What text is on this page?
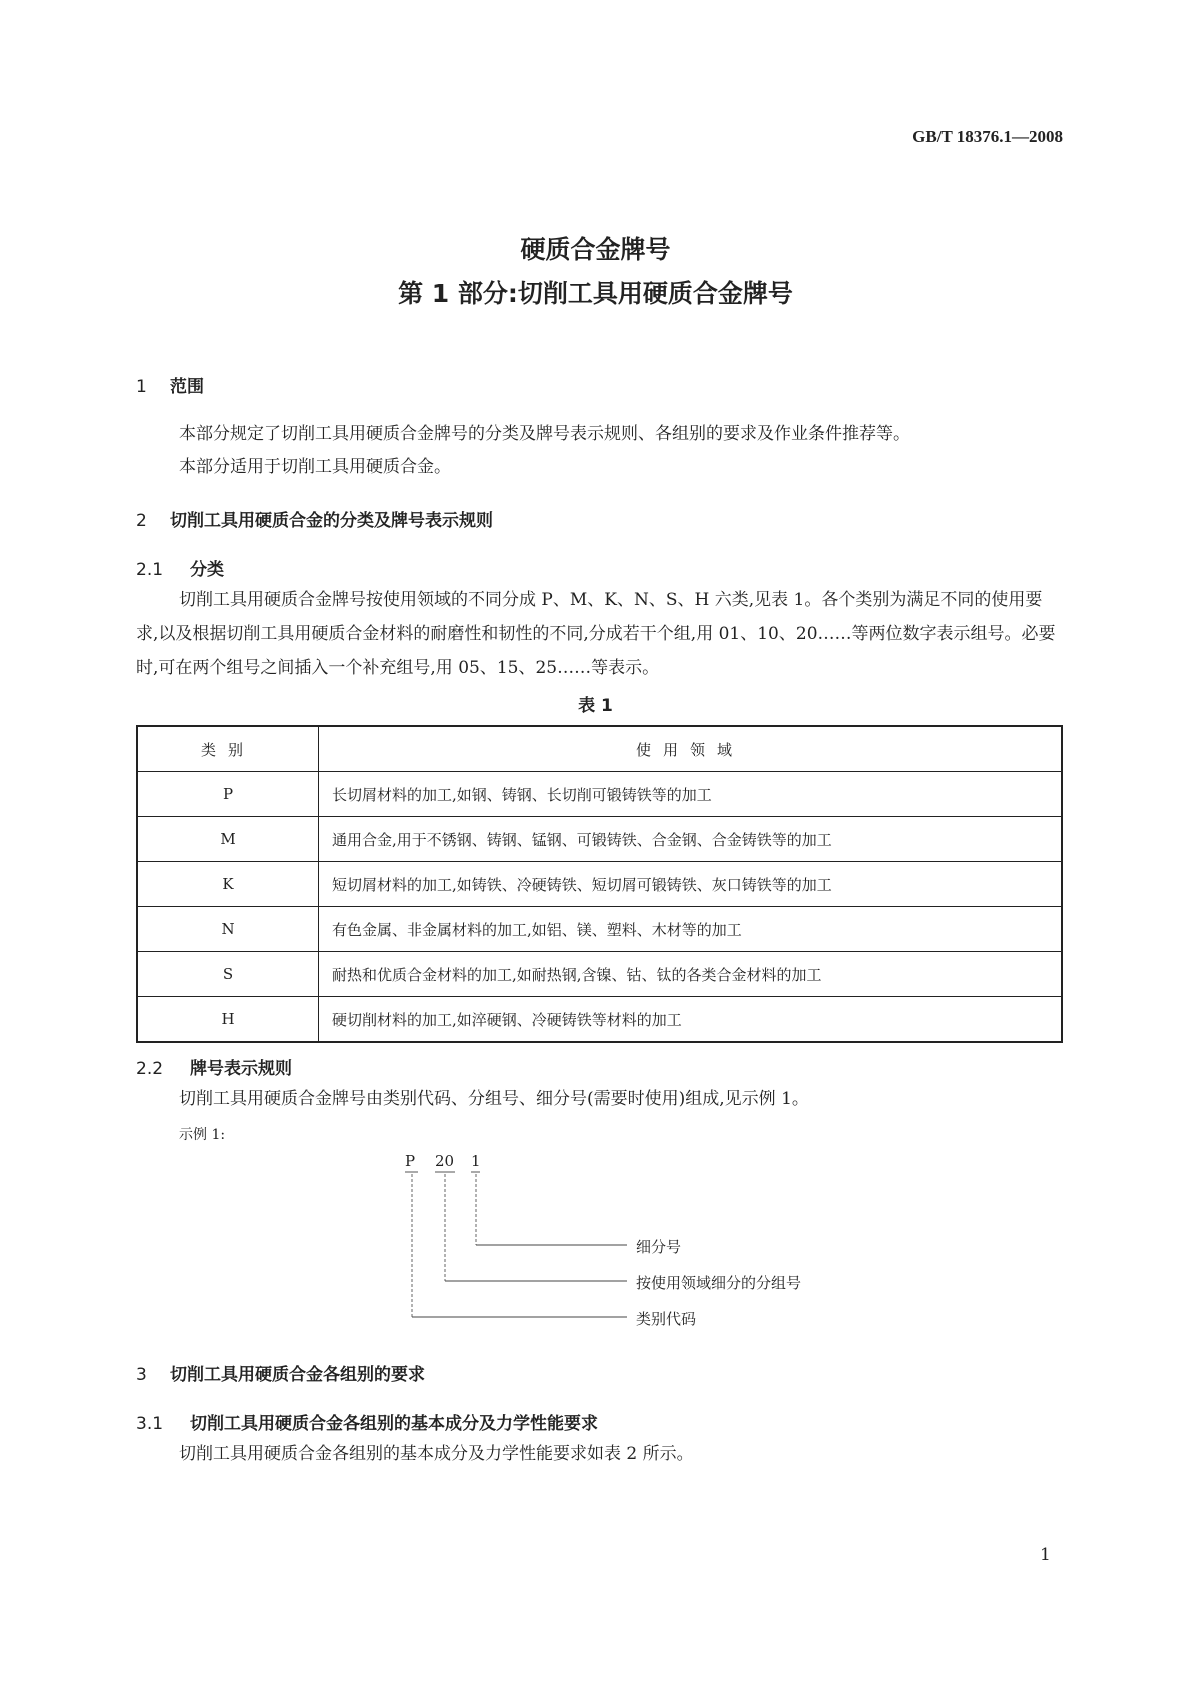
GB/T 18376.1—2008
硬质合金牌号
第 1 部分:切削工具用硬质合金牌号
1 范围
本部分规定了切削工具用硬质合金牌号的分类及牌号表示规则、各组别的要求及作业条件推荐等。
本部分适用于切削工具用硬质合金。
2 切削工具用硬质合金的分类及牌号表示规则
2.1 分类
切削工具用硬质合金牌号按使用领域的不同分成 P、M、K、N、S、H 六类,见表 1。各个类别为满足不同的使用要求,以及根据切削工具用硬质合金材料的耐磨性和韧性的不同,分成若干个组,用 01、10、20……等两位数字表示组号。必要时,可在两个组号之间插入一个补充组号,用 05、15、25……等表示。
表 1
类别	使用领域
P	长切屑材料的加工,如钢、铸钢、长切削可锻铸铁等的加工
M	通用合金,用于不锈钢、铸钢、锰钢、可锻铸铁、合金钢、合金铸铁等的加工
K	短切屑材料的加工,如铸铁、冷硬铸铁、短切屑可锻铸铁、灰口铸铁等的加工
N	有色金属、非金属材料的加工,如铝、镁、塑料、木材等的加工
S	耐热和优质合金材料的加工,如耐热钢,含镍、钴、钛的各类合金材料的加工
H	硬切削材料的加工,如淬硬钢、冷硬铸铁等材料的加工
2.2 牌号表示规则
切削工具用硬质合金牌号由类别代码、分组号、细分号(需要时使用)组成,见示例 1。
示例 1:
P 20 1
细分号
按使用领域细分的分组号
类别代码
3 切削工具用硬质合金各组别的要求
3.1 切削工具用硬质合金各组别的基本成分及力学性能要求
切削工具用硬质合金各组别的基本成分及力学性能要求如表 2 所示。
1
